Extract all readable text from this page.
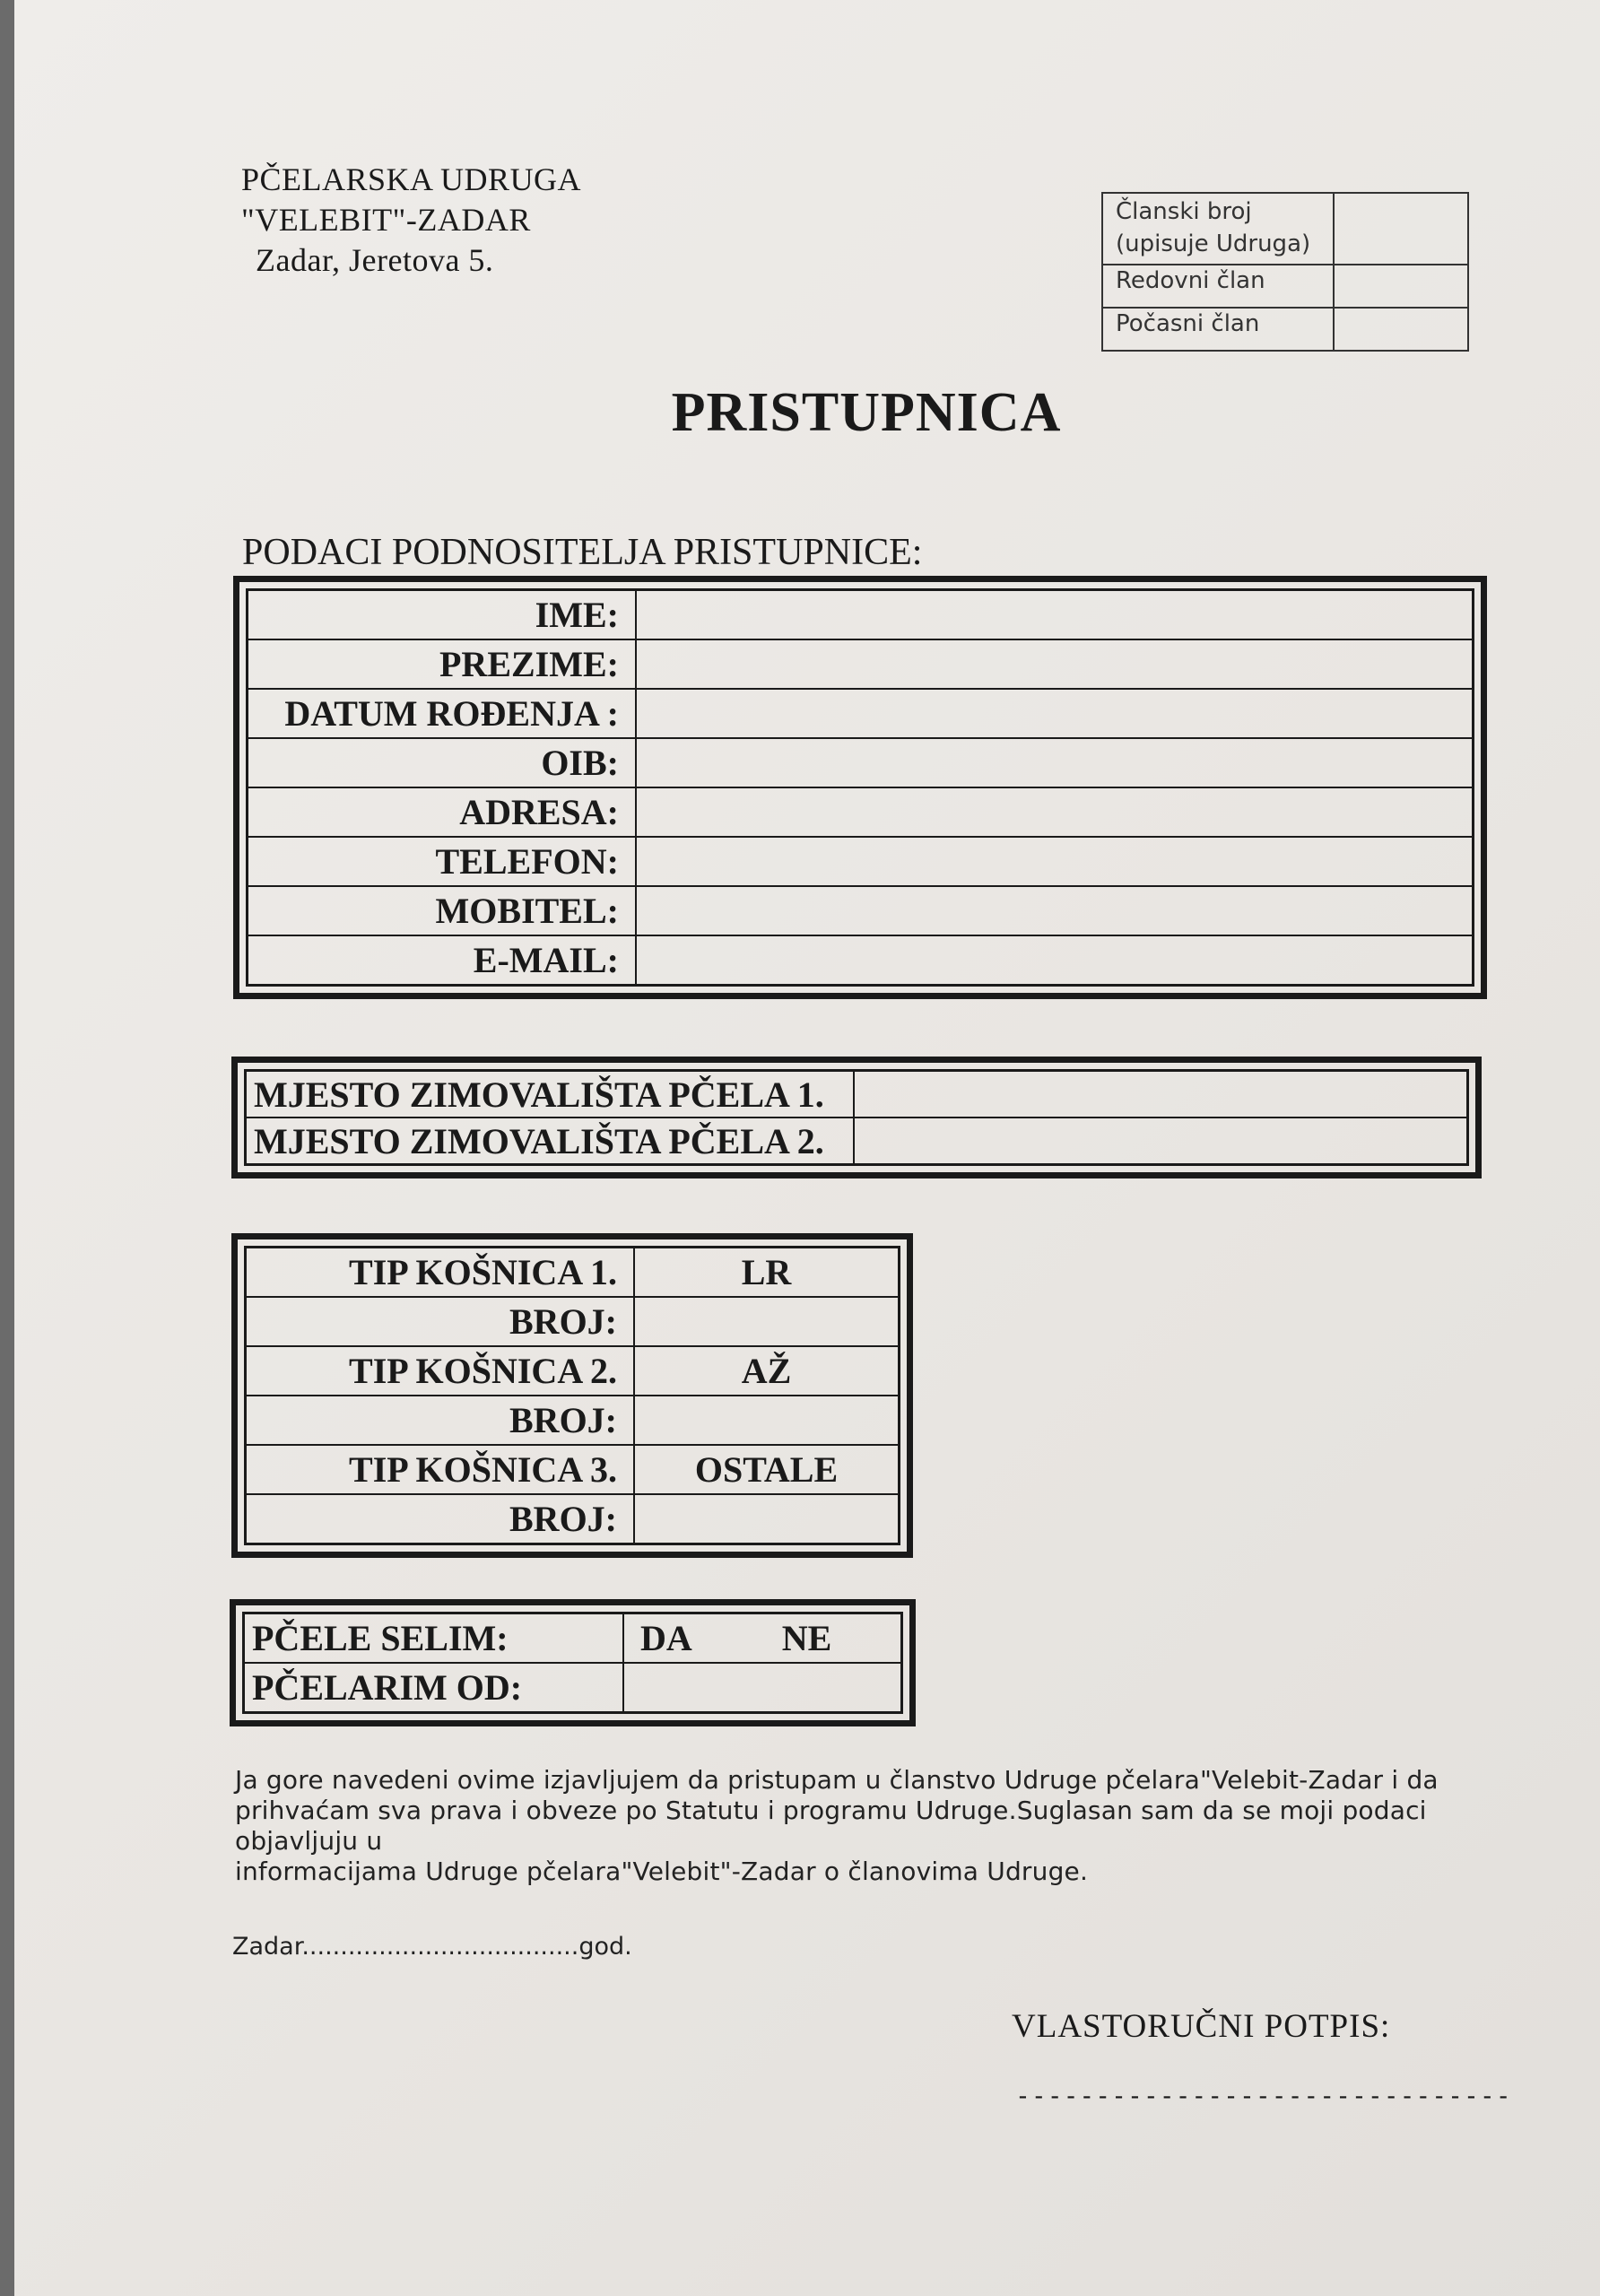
PČELARSKA UDRUGA
"VELEBIT"-ZADAR
Zadar, Jeretova 5.
Članski broj
(upisuje Udruga)	

Redovni član	
Počasni član	
PRISTUPNICA
PODACI PODNOSITELJA PRISTUPNICE:
IME:	
PREZIME:	
DATUM ROĐENJA :	
OIB:	
ADRESA:	
TELEFON:	
MOBITEL:	
E-MAIL:	
MJESTO ZIMOVALIŠTA PČELA 1.	
MJESTO ZIMOVALIŠTA PČELA 2.	
TIP KOŠNICA 1.	LR
BROJ:	
TIP KOŠNICA 2.	AŽ
BROJ:	
TIP KOŠNICA 3.	OSTALE
BROJ:	
PČELE SELIM:	DA NE
PČELARIM OD:	
Ja gore navedeni ovime izjavljujem da pristupam u članstvo Udruge pčelara"Velebit-Zadar i da
prihvaćam sva prava i obveze po Statutu i programu Udruge.Suglasan sam da se moji podaci objavljuju u
informacijama Udruge pčelara"Velebit"-Zadar o članovima Udruge.
Zadar....................................god.
VLASTORUČNI POTPIS:
-------------------------------
